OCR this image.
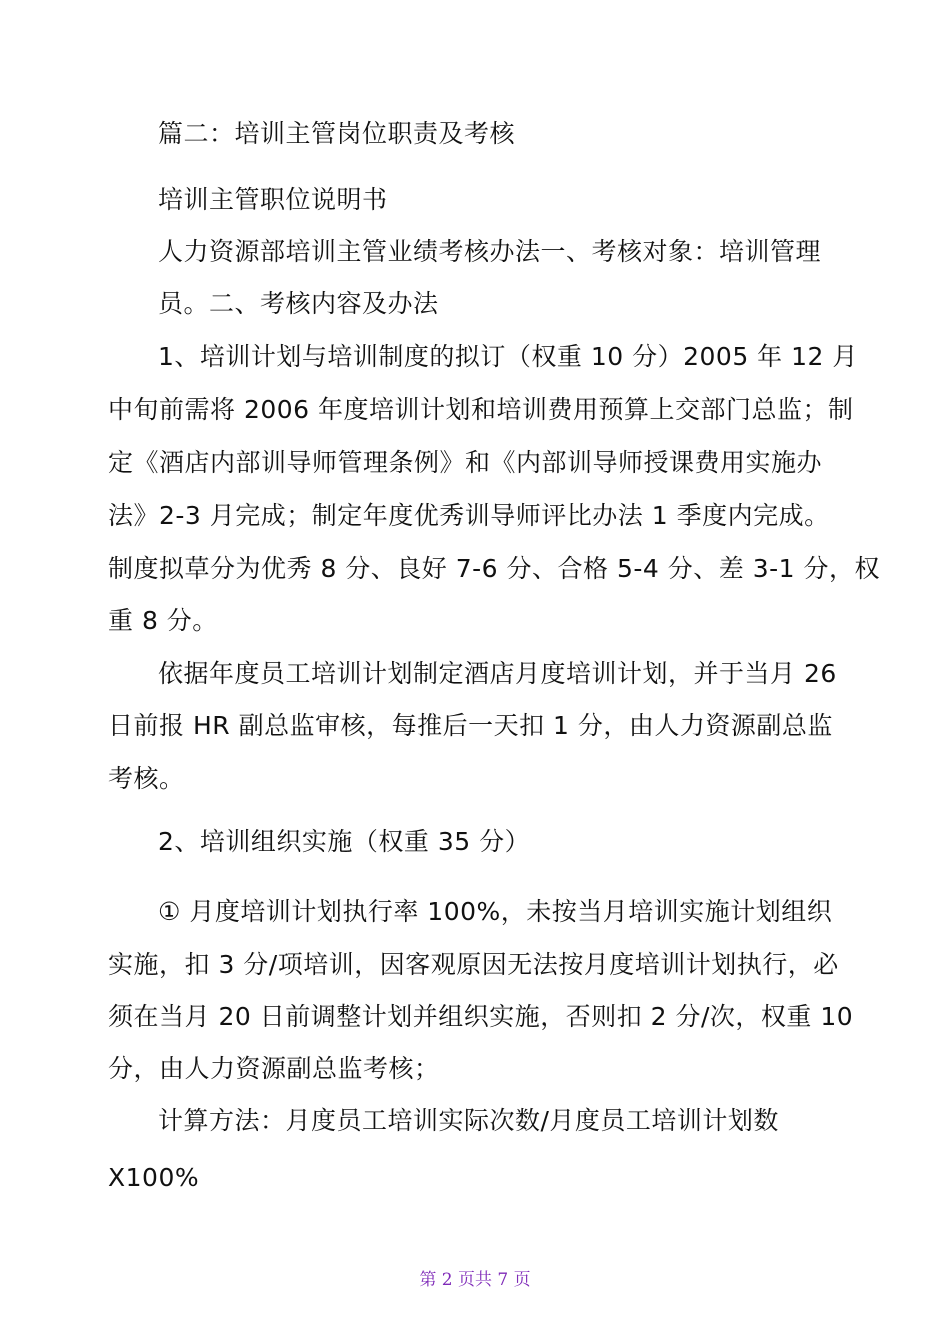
篇二：培训主管岗位职责及考核
培训主管职位说明书
人力资源部培训主管业绩考核办法一、考核对象：培训管理
员。二、考核内容及办法
1、培训计划与培训制度的拟订（权重 10 分）2005 年 12 月
中旬前需将 2006 年度培训计划和培训费用预算上交部门总监；制
定《酒店内部训导师管理条例》和《内部训导师授课费用实施办
法》2-3 月完成；制定年度优秀训导师评比办法 1 季度内完成。
制度拟草分为优秀 8 分、良好 7-6 分、合格 5-4 分、差 3-1 分，权
重 8 分。
依据年度员工培训计划制定酒店月度培训计划，并于当月 26
日前报 HR 副总监审核，每推后一天扣 1 分，由人力资源副总监
考核。
2、培训组织实施（权重 35 分）
① 月度培训计划执行率 100%，未按当月培训实施计划组织
实施，扣 3 分/项培训，因客观原因无法按月度培训计划执行，必
须在当月 20 日前调整计划并组织实施，否则扣 2 分/次，权重 10
分，由人力资源副总监考核；
计算方法：月度员工培训实际次数/月度员工培训计划数
X100%
第 2 页共 7 页
